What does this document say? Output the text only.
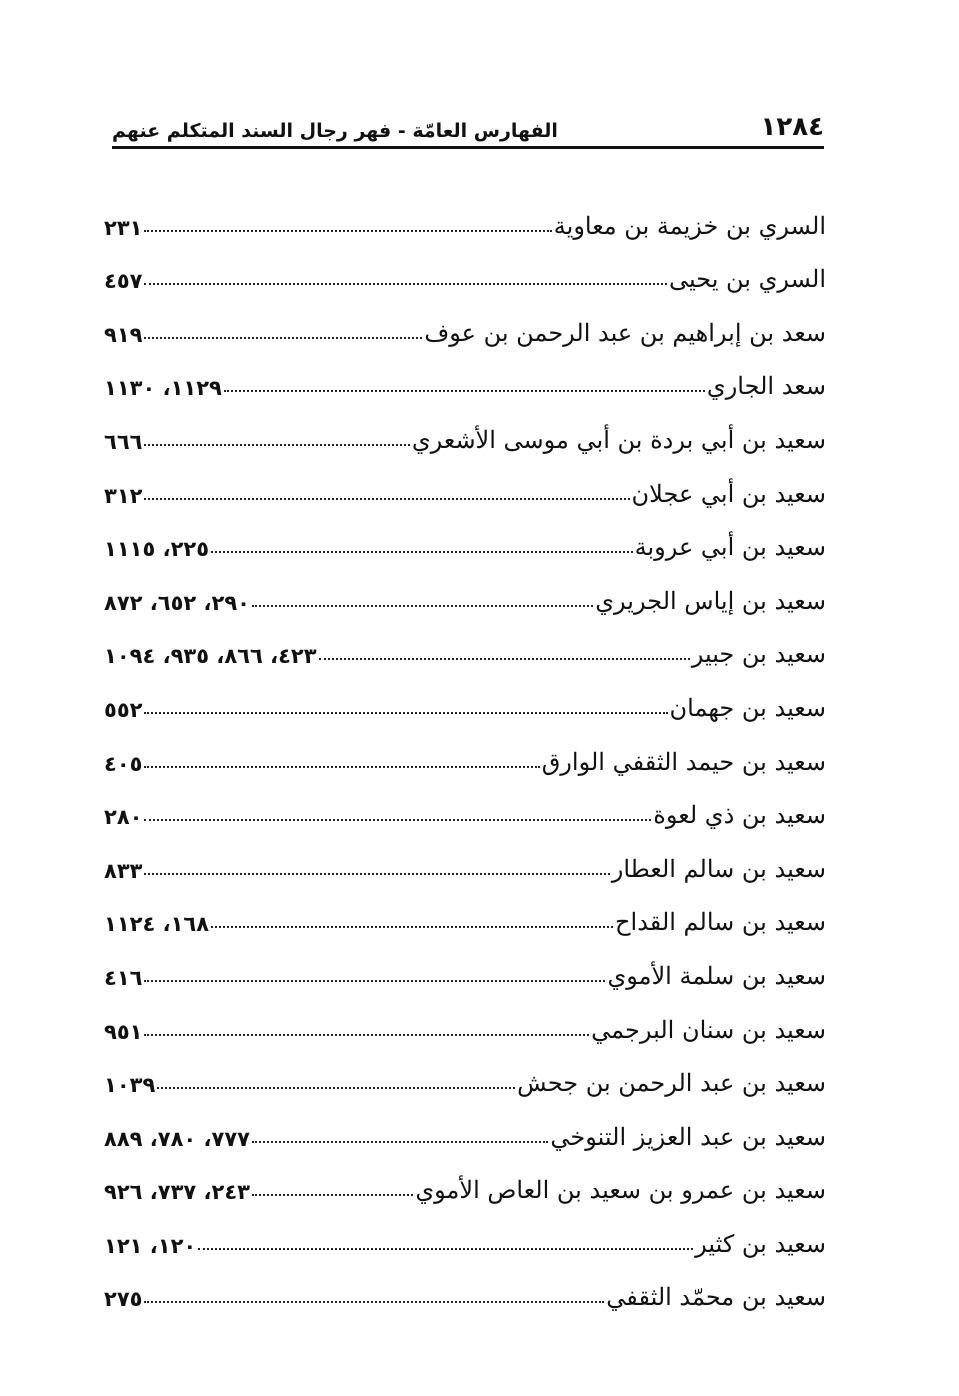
١٢٨٤
الفهارس العامّة - فهر رجال السند المتكلم عنهم
السري بن خزيمة بن معاوية
٢٣١
السري بن يحيى
٤٥٧
سعد بن إبراهيم بن عبد الرحمن بن عوف
٩١٩
سعد الجاري
١١٢٩، ١١٣٠
سعيد بن أبي بردة بن أبي موسى الأشعري
٦٦٦
سعيد بن أبي عجلان
٣١٢
سعيد بن أبي عروبة
٢٢٥، ١١١٥
سعيد بن إياس الجريري
٢٩٠، ٦٥٢، ٨٧٢
سعيد بن جبير
٤٢٣، ٨٦٦، ٩٣٥، ١٠٩٤
سعيد بن جهمان
٥٥٢
سعيد بن حيمد الثقفي الوارق
٤٠٥
سعيد بن ذي لعوة
٢٨٠
سعيد بن سالم العطار
٨٣٣
سعيد بن سالم القداح
١٦٨، ١١٢٤
سعيد بن سلمة الأموي
٤١٦
سعيد بن سنان البرجمي
٩٥١
سعيد بن عبد الرحمن بن جحش
١٠٣٩
سعيد بن عبد العزيز التنوخي
٧٧٧، ٧٨٠، ٨٨٩
سعيد بن عمرو بن سعيد بن العاص الأموي
٢٤٣، ٧٣٧، ٩٢٦
سعيد بن كثير
١٢٠، ١٢١
سعيد بن محمّد الثقفي
٢٧٥
